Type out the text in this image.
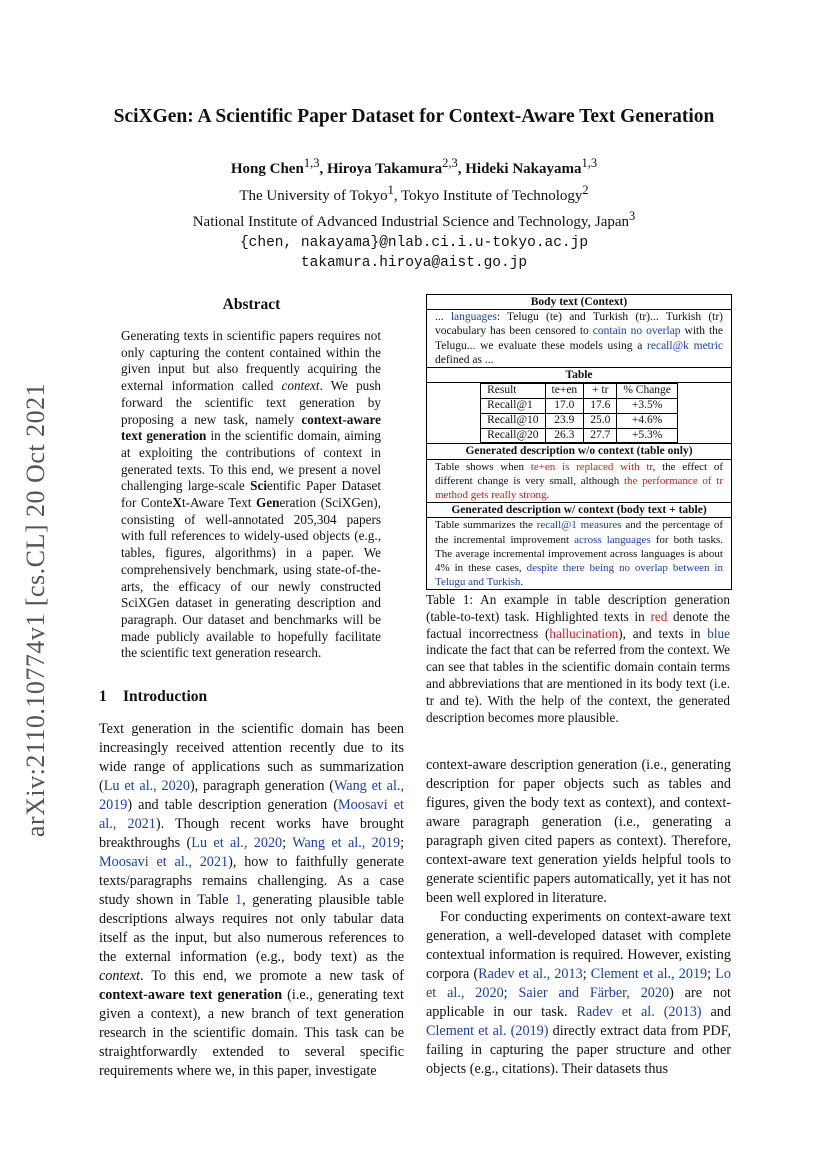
arXiv:2110.10774v1 [cs.CL] 20 Oct 2021
SciXGen: A Scientific Paper Dataset for Context-Aware Text Generation
Hong Chen$^{1,3}$, Hiroya Takamura$^{2,3}$, Hideki Nakayama$^{1,3}$
The University of Tokyo$^1$, Tokyo Institute of Technology$^2$
National Institute of Advanced Industrial Science and Technology, Japan$^3$
{chen, nakayama}@nlab.ci.i.u-tokyo.ac.jp
takamura.hiroya@aist.go.jp
Abstract
Generating texts in scientific papers requires not only capturing the content contained within the given input but also frequently acquiring the external information called context. We push forward the scientific text generation by proposing a new task, namely context-aware text generation in the scientific domain, aiming at exploiting the contributions of context in generated texts. To this end, we present a novel challenging large-scale Scientific Paper Dataset for ConteXt-Aware Text Generation (SciXGen), consisting of well-annotated 205,304 papers with full references to widely-used objects (e.g., tables, figures, algorithms) in a paper. We comprehensively benchmark, using state-of-the-arts, the efficacy of our newly constructed SciXGen dataset in generating description and paragraph. Our dataset and benchmarks will be made publicly available to hopefully facilitate the scientific text generation research.
1 Introduction
Text generation in the scientific domain has been increasingly received attention recently due to its wide range of applications such as summarization (Lu et al., 2020), paragraph generation (Wang et al., 2019) and table description generation (Moosavi et al., 2021). Though recent works have brought breakthroughs (Lu et al., 2020; Wang et al., 2019; Moosavi et al., 2021), how to faithfully generate texts/paragraphs remains challenging. As a case study shown in Table 1, generating plausible table descriptions always requires not only tabular data itself as the input, but also numerous references to the external information (e.g., body text) as the context. To this end, we promote a new task of context-aware text generation (i.e., generating text given a context), a new branch of text generation research in the scientific domain. This task can be straightforwardly extended to several specific requirements where we, in this paper, investigate
Body text (Context)
... languages: Telugu (te) and Turkish (tr)... Turkish (tr) vocabulary has been censored to contain no overlap with the Telugu... we evaluate these models using a recall@k metric defined as ...
Table
Result	te+en	+ tr	% Change
Recall@1	17.0	17.6	+3.5%
Recall@10	23.9	25.0	+4.6%
Recall@20	26.3	27.7	+5.3%
Generated description w/o context (table only)
Table shows when te+en is replaced with tr, the effect of different change is very small, although the performance of tr method gets really strong.
Generated description w/ context (body text + table)
Table summarizes the recall@1 measures and the percentage of the incremental improvement across languages for both tasks. The average incremental improvement across languages is about 4% in these cases, despite there being no overlap between in Telugu and Turkish.
Table 1: An example in table description generation (table-to-text) task. Highlighted texts in red denote the factual incorrectness (hallucination), and texts in blue indicate the fact that can be referred from the context. We can see that tables in the scientific domain contain terms and abbreviations that are mentioned in its body text (i.e. tr and te). With the help of the context, the generated description becomes more plausible.

context-aware description generation (i.e., generating description for paper objects such as tables and figures, given the body text as context), and context-aware paragraph generation (i.e., generating a paragraph given cited papers as context). Therefore, context-aware text generation yields helpful tools to generate scientific papers automatically, yet it has not been well explored in literature.

For conducting experiments on context-aware text generation, a well-developed dataset with complete contextual information is required. However, existing corpora (Radev et al., 2013; Clement et al., 2019; Lo et al., 2020; Saier and Färber, 2020) are not applicable in our task. Radev et al. (2013) and Clement et al. (2019) directly extract data from PDF, failing in capturing the paper structure and other objects (e.g., citations). Their datasets thus
